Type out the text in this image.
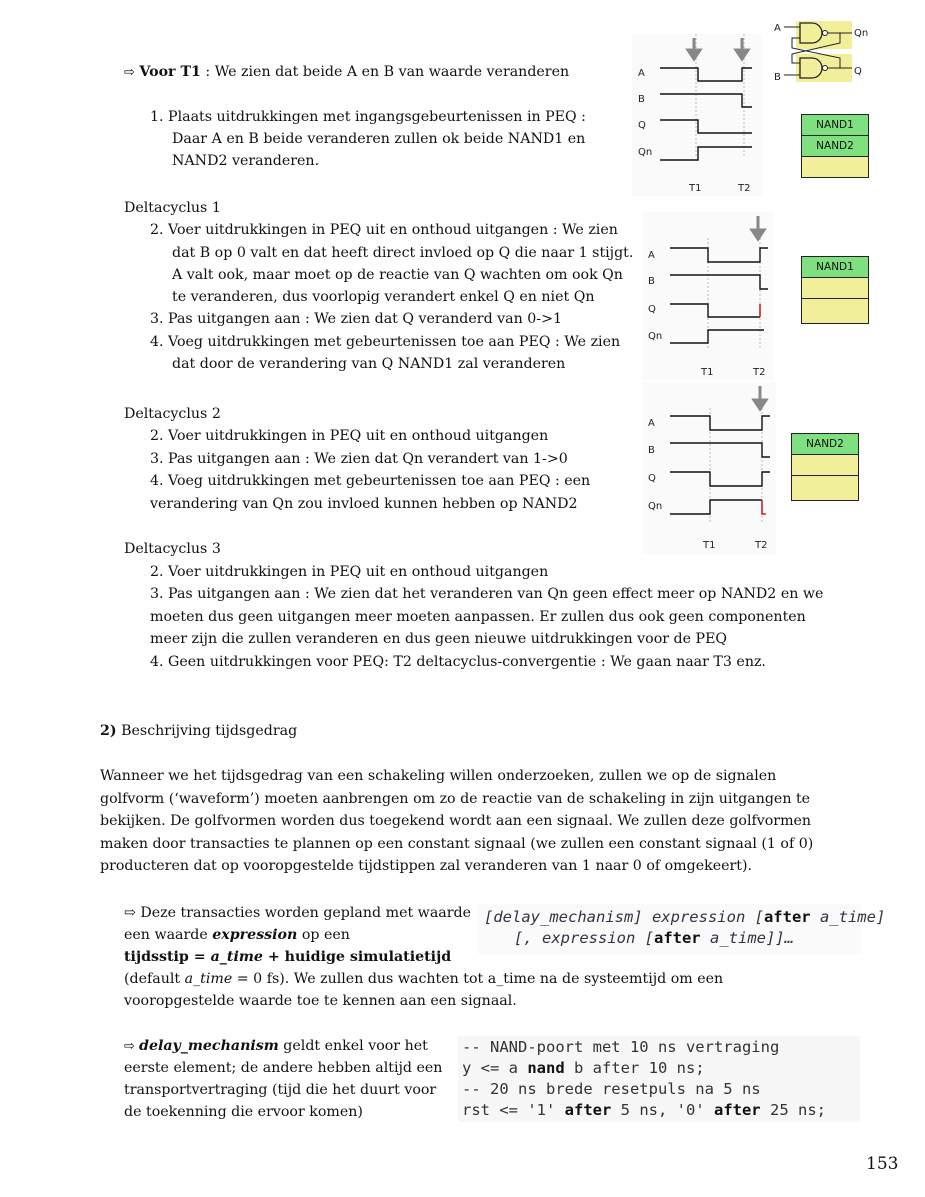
⇨ Voor T1 : We zien dat beide A en B van waarde veranderen
1. Plaats uitdrukkingen met ingangsgebeurtenissen in PEQ :
Daar A en B beide veranderen zullen ok beide NAND1 en
NAND2 veranderen.
Deltacyclus 1
2. Voer uitdrukkingen in PEQ uit en onthoud uitgangen : We zien
dat B op 0 valt en dat heeft direct invloed op Q die naar 1 stijgt.
A valt ook, maar moet op de reactie van Q wachten om ook Qn
te veranderen, dus voorlopig verandert enkel Q en niet Qn
3. Pas uitgangen aan : We zien dat Q veranderd van 0->1
4. Voeg uitdrukkingen met gebeurtenissen toe aan PEQ : We zien
dat door de verandering van Q NAND1 zal veranderen
Deltacyclus 2
2. Voer uitdrukkingen in PEQ uit en onthoud uitgangen
3. Pas uitgangen aan : We zien dat Qn verandert van 1->0
4. Voeg uitdrukkingen met gebeurtenissen toe aan PEQ : een
verandering van Qn zou invloed kunnen hebben op NAND2
Deltacyclus 3
2. Voer uitdrukkingen in PEQ uit en onthoud uitgangen
3. Pas uitgangen aan : We zien dat het veranderen van Qn geen effect meer op NAND2 en we
moeten dus geen uitgangen meer moeten aanpassen. Er zullen dus ook geen componenten
meer zijn die zullen veranderen en dus geen nieuwe uitdrukkingen voor de PEQ
4. Geen uitdrukkingen voor PEQ: T2 deltacyclus-convergentie : We gaan naar T3 enz.
2) Beschrijving tijdsgedrag
Wanneer we het tijdsgedrag van een schakeling willen onderzoeken, zullen we op de signalen
golfvorm (‘waveform’) moeten aanbrengen om zo de reactie van de schakeling in zijn uitgangen te
bekijken. De golfvormen worden dus toegekend wordt aan een signaal. We zullen deze golfvormen
maken door transacties te plannen op een constant signaal (we zullen een constant signaal (1 of 0)
producteren dat op vooropgestelde tijdstippen zal veranderen van 1 naar 0 of omgekeert).
⇨ Deze transacties worden gepland met waarde
een waarde expression op een
tijdsstip = a_time + huidige simulatietijd
(default a_time = 0 fs). We zullen dus wachten tot a_time na de systeemtijd om een
vooropgestelde waarde toe te kennen aan een signaal.
[delay_mechanism] expression [after a_time]
[, expression [after a_time]]…
⇨ delay_mechanism geldt enkel voor het
eerste element; de andere hebben altijd een
transportvertraging (tijd die het duurt voor
de toekenning die ervoor komen)
-- NAND-poort met 10 ns vertraging
y <= a nand b after 10 ns;
-- 20 ns brede resetpuls na 5 ns
rst <= '1' after 5 ns, '0' after 25 ns;
153
A
B
Qn
Q
A
B
Q
Qn
T1	T2
NAND1
NAND2
A
B
Q
Qn
T1	T2
NAND1
A
B
Q
Qn
T1	T2
NAND2
